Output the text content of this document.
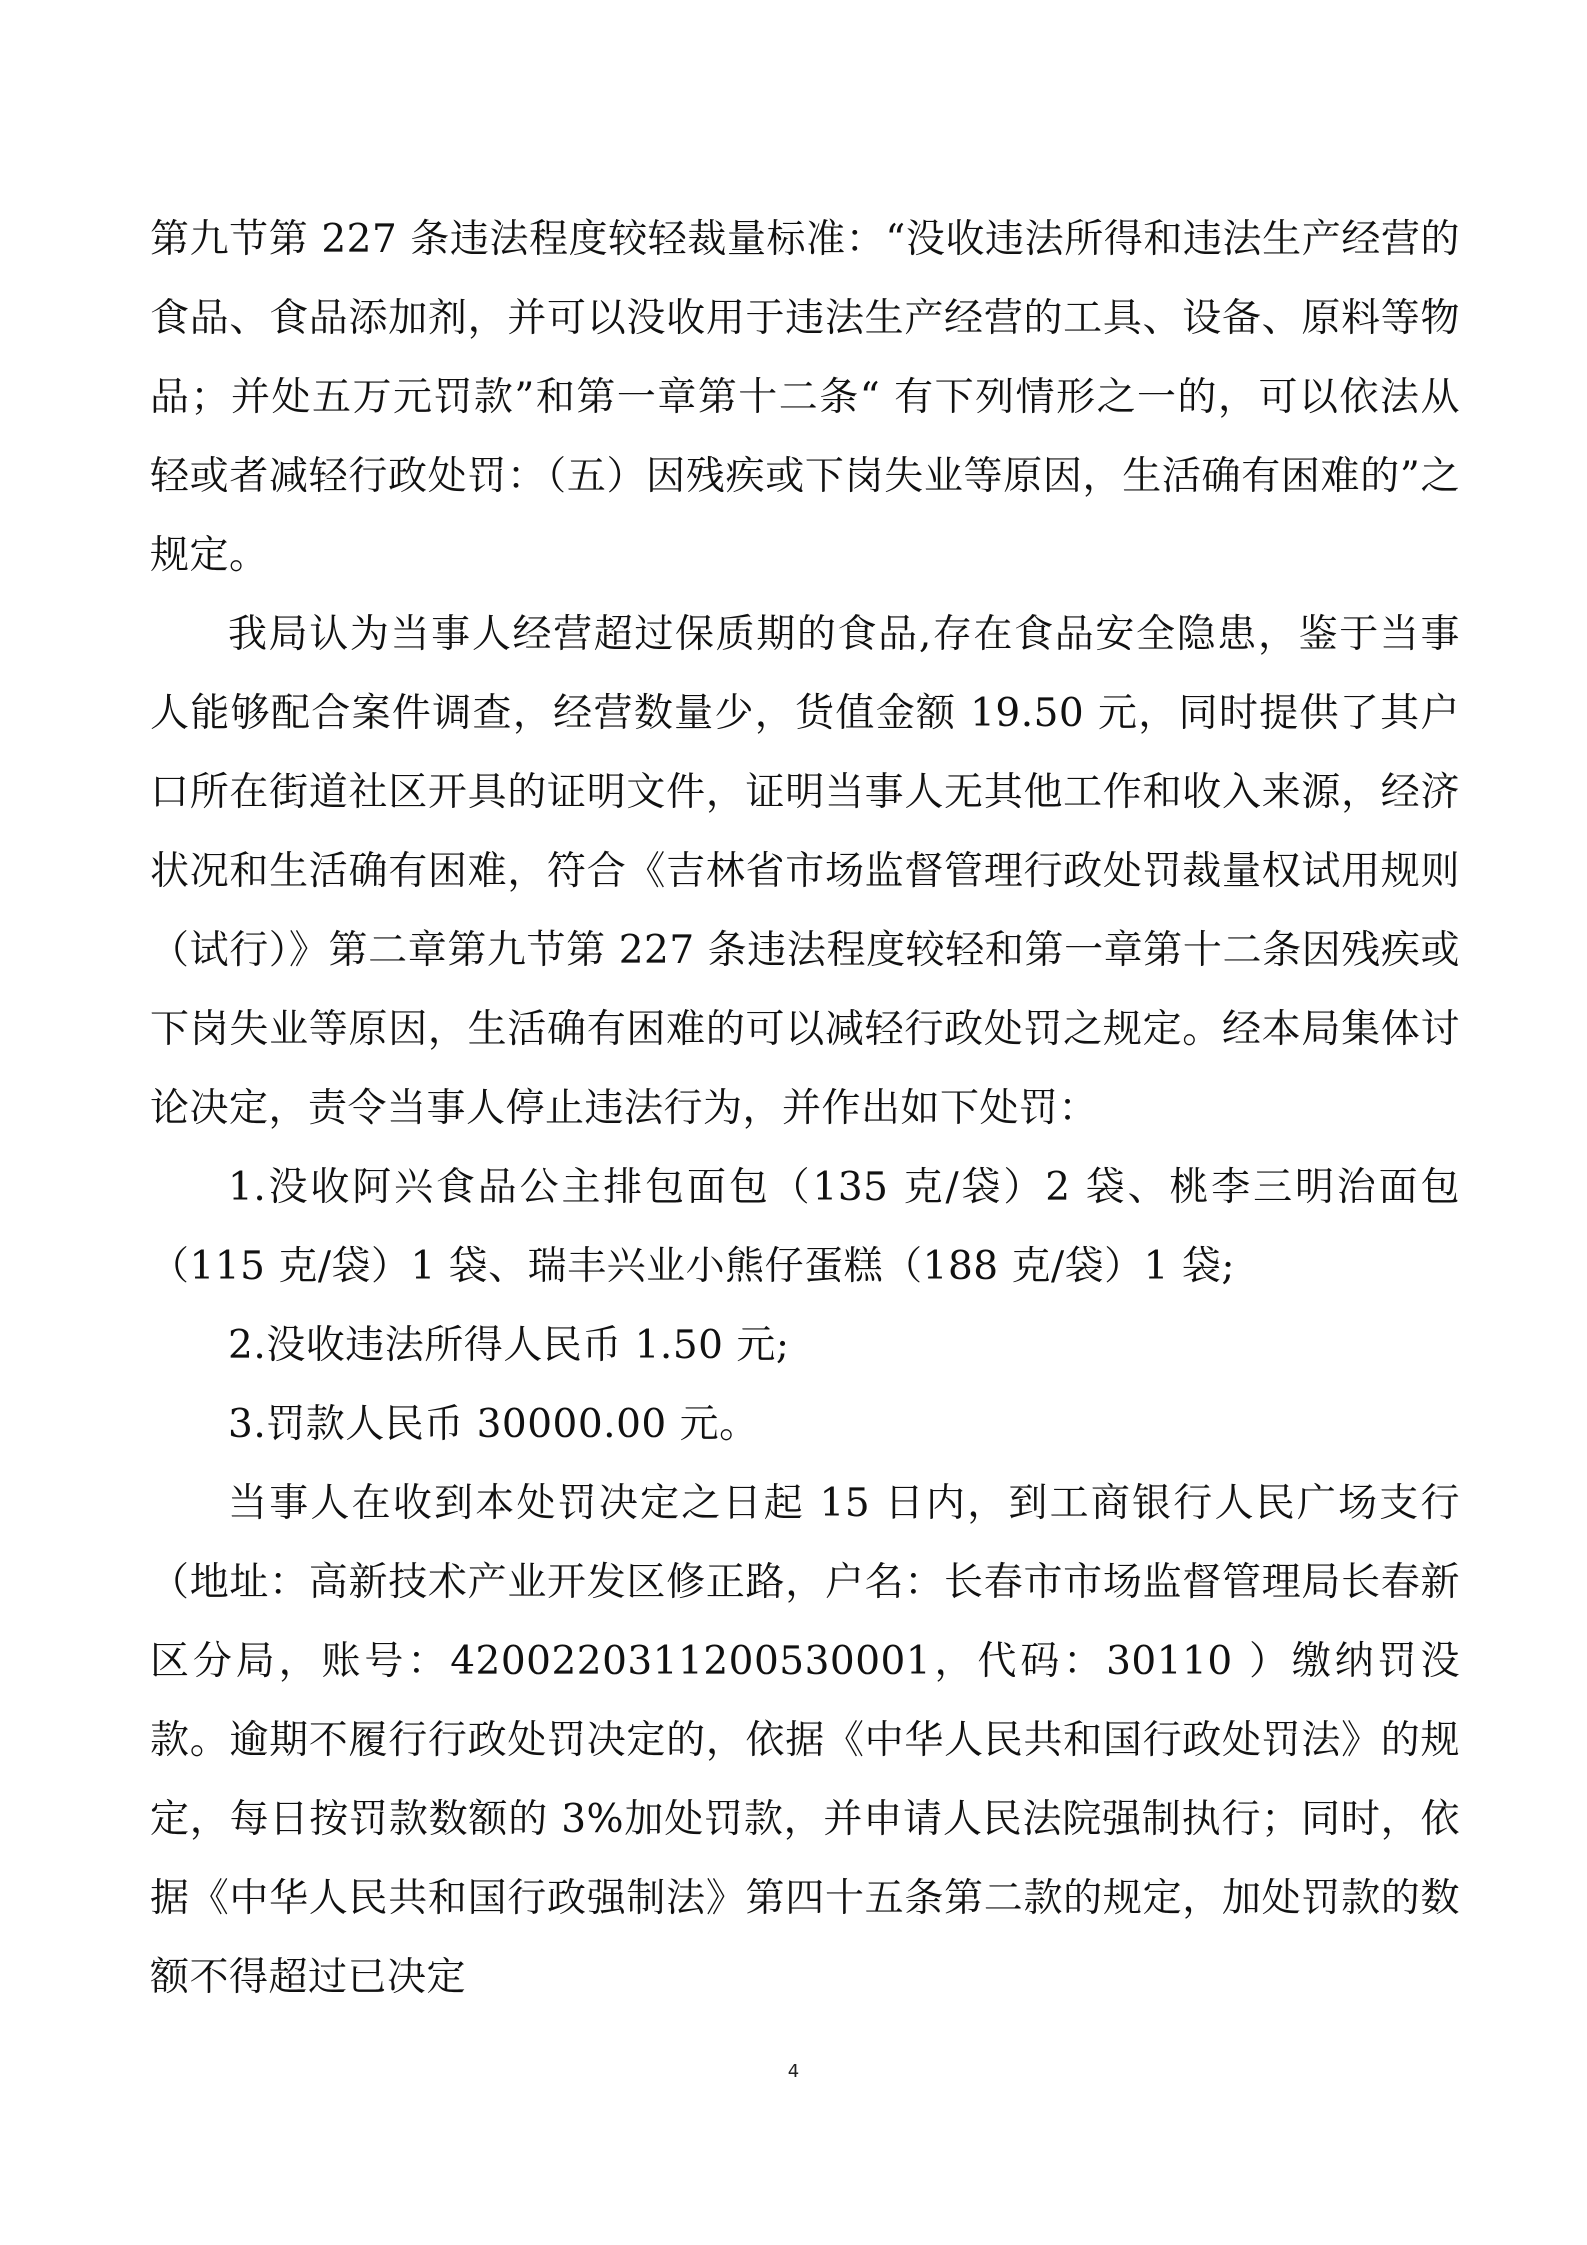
第九节第 227 条违法程度较轻裁量标准：“没收违法所得和违法生产经营的食品、食品添加剂，并可以没收用于违法生产经营的工具、设备、原料等物品；并处五万元罚款”和第一章第十二条“ 有下列情形之一的，可以依法从轻或者减轻行政处罚：（五）因残疾或下岗失业等原因，生活确有困难的”之规定。

我局认为当事人经营超过保质期的食品,存在食品安全隐患，鉴于当事人能够配合案件调查，经营数量少，货值金额 19.50 元，同时提供了其户口所在街道社区开具的证明文件，证明当事人无其他工作和收入来源，经济状况和生活确有困难，符合《吉林省市场监督管理行政处罚裁量权试用规则（试行）》第二章第九节第 227 条违法程度较轻和第一章第十二条因残疾或下岗失业等原因，生活确有困难的可以减轻行政处罚之规定。经本局集体讨论决定，责令当事人停止违法行为，并作出如下处罚：

1.没收阿兴食品公主排包面包（135 克/袋）2 袋、桃李三明治面包（115 克/袋）1 袋、瑞丰兴业小熊仔蛋糕（188 克/袋）1 袋;

2.没收违法所得人民币 1.50 元;

3.罚款人民币 30000.00 元。

当事人在收到本处罚决定之日起 15 日内，到工商银行人民广场支行（地址：高新技术产业开发区修正路，户名：长春市市场监督管理局长春新区分局，账号：4200220311200530001，代码：30110 ）缴纳罚没款。逾期不履行行政处罚决定的，依据《中华人民共和国行政处罚法》的规定，每日按罚款数额的 3%加处罚款，并申请人民法院强制执行；同时，依据《中华人民共和国行政强制法》第四十五条第二款的规定，加处罚款的数额不得超过已决定

4
